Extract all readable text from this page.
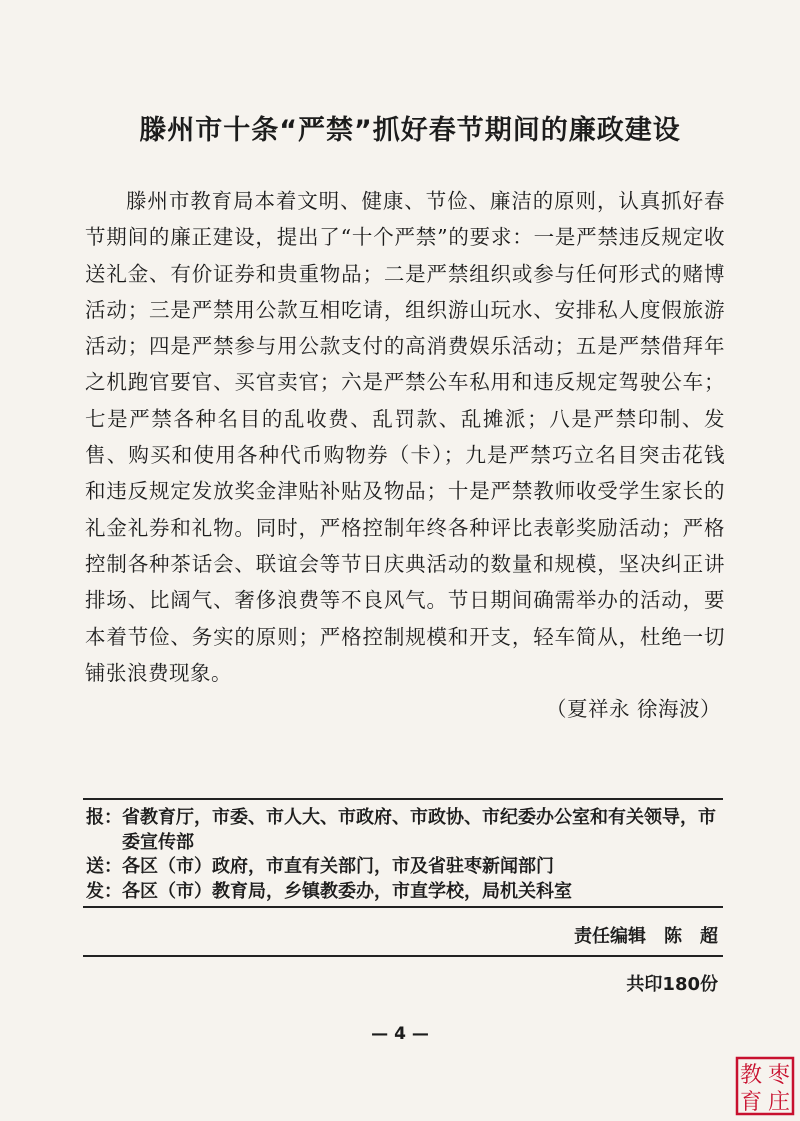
滕州市十条“严禁”抓好春节期间的廉政建设

滕州市教育局本着文明、健康、节俭、廉洁的原则，认真抓好春节期间的廉正建设，提出了“十个严禁”的要求：一是严禁违反规定收送礼金、有价证券和贵重物品；二是严禁组织或参与任何形式的赌博活动；三是严禁用公款互相吃请，组织游山玩水、安排私人度假旅游活动；四是严禁参与用公款支付的高消费娱乐活动；五是严禁借拜年之机跑官要官、买官卖官；六是严禁公车私用和违反规定驾驶公车；七是严禁各种名目的乱收费、乱罚款、乱摊派；八是严禁印制、发售、购买和使用各种代币购物券（卡）；九是严禁巧立名目突击花钱和违反规定发放奖金津贴补贴及物品；十是严禁教师收受学生家长的礼金礼券和礼物。同时，严格控制年终各种评比表彰奖励活动；严格控制各种茶话会、联谊会等节日庆典活动的数量和规模，坚决纠正讲排场、比阔气、奢侈浪费等不良风气。节日期间确需举办的活动，要本着节俭、务实的原则；严格控制规模和开支，轻车简从，杜绝一切铺张浪费现象。

（夏祥永 徐海波）

报： 省教育厅，市委、市人大、市政府、市政协、市纪委办公室和有关领导，市委宣传部
送： 各区（市）政府，市直有关部门，市及省驻枣新闻部门
发： 各区（市）教育局，乡镇教委办，市直学校，局机关科室
责任编辑　陈　超
共印180份
— 4 —
枣
庄
教
育
